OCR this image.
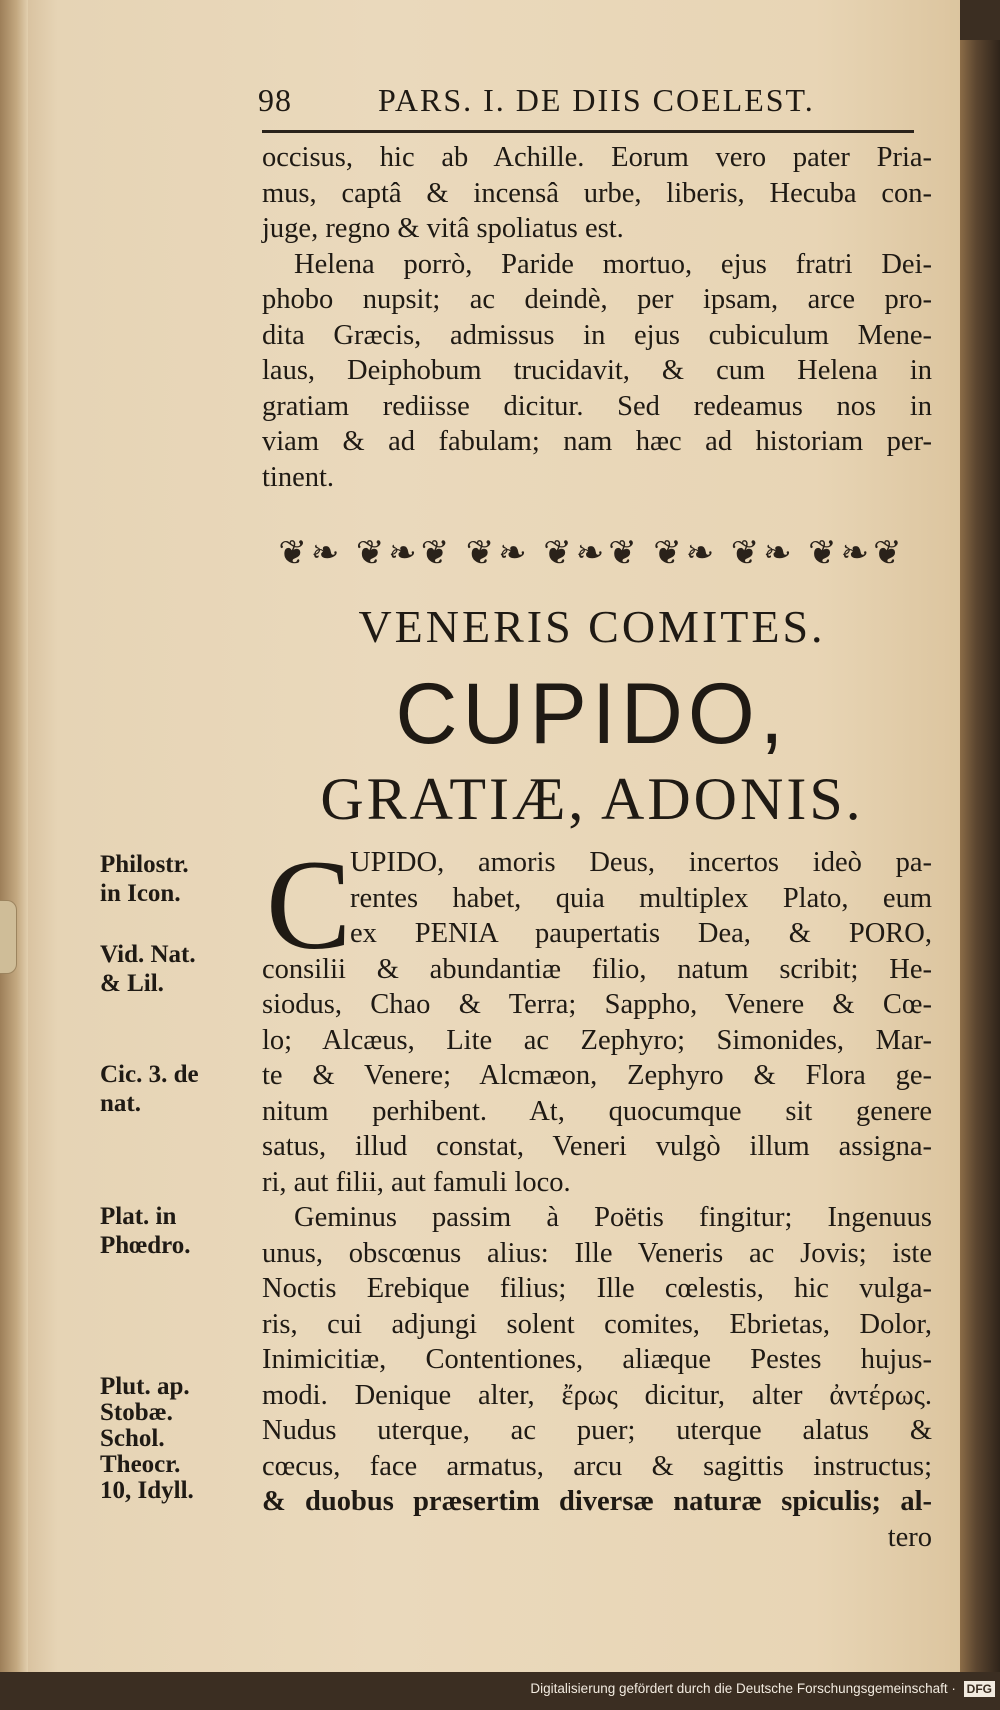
98	PARS. I. DE DIIS COELEST.
occisus, hic ab Achille. Eorum vero pater Pria-
mus, captâ & incensâ urbe, liberis, Hecuba con-
juge, regno & vitâ spoliatus est.
Helena porrò, Paride mortuo, ejus fratri Dei-
phobo nupsit; ac deindè, per ipsam, arce pro-
dita Græcis, admissus in ejus cubiculum Mene-
laus, Deiphobum trucidavit, & cum Helena in
gratiam rediisse dicitur. Sed redeamus nos in
viam & ad fabulam; nam hæc ad historiam per-
tinent.
❦❧ ❦❧❦ ❦❧ ❦❧❦ ❦❧ ❦❧ ❦❧❦
VENERIS COMITES.
CUPIDO,
GRATIÆ, ADONIS.
C
UPIDO, amoris Deus, incertos ideò pa-
rentes habet, quia multiplex Plato, eum
ex PENIA paupertatis Dea, & PORO,
consilii & abundantiæ filio, natum scribit; He-
siodus, Chao & Terra; Sappho, Venere & Cœ-
lo; Alcæus, Lite ac Zephyro; Simonides, Mar-
te & Venere; Alcmæon, Zephyro & Flora ge-
nitum perhibent. At, quocumque sit genere
satus, illud constat, Veneri vulgò illum assigna-
ri, aut filii, aut famuli loco.
Geminus passim à Poëtis fingitur; Ingenuus
unus, obscœnus alius: Ille Veneris ac Jovis; iste
Noctis Erebique filius; Ille cœlestis, hic vulga-
ris, cui adjungi solent comites, Ebrietas, Dolor,
Inimicitiæ, Contentiones, aliæque Pestes hujus-
modi. Denique alter, ἔρως dicitur, alter ἀντέρως.
Nudus uterque, ac puer; uterque alatus &
cœcus, face armatus, arcu & sagittis instructus;
& duobus præsertim diversæ naturæ spiculis; al-
tero
Philostr.
in Icon.
Vid. Nat.
& Lil.
Cic. 3. de
nat.
Plat. in
Phœdro.
Plut. ap.
Stobæ.
Schol.
Theocr.
10, Idyll.
Digitalisierung gefördert durch die Deutsche Forschungsgemeinschaft · DFG
